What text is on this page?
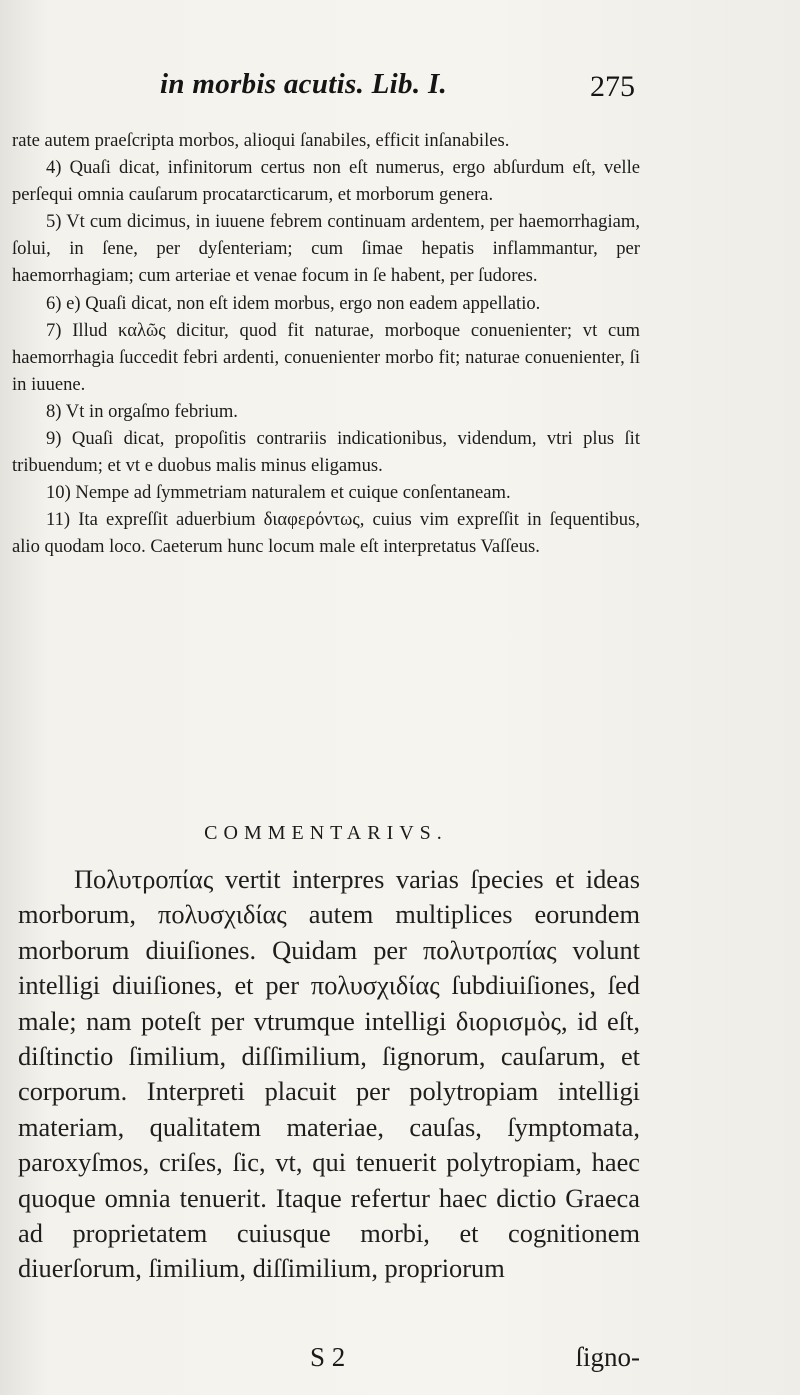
in morbis acutis. Lib. I.	275

rate autem praeſcripta morbos, alioqui ſanabiles, efficit inſanabiles.

4) Quaſi dicat, infinitorum certus non eſt numerus, ergo abſurdum eſt, velle perſequi omnia cauſarum procatarcticarum, et morborum genera.

5) Vt cum dicimus, in iuuene febrem continuam ardentem, per haemorrhagiam, ſolui, in ſene, per dyſenteriam; cum ſimae hepatis inflammantur, per haemorrhagiam; cum arteriae et venae focum in ſe habent, per ſudores.

6) e) Quaſi dicat, non eſt idem morbus, ergo non eadem appellatio.

7) Illud καλῶς dicitur, quod fit naturae, morboque conuenienter; vt cum haemorrhagia ſuccedit febri ardenti, conuenienter morbo fit; naturae conuenienter, ſi in iuuene.

8) Vt in orgaſmo febrium.

9) Quaſi dicat, propoſitis contrariis indicationibus, videndum, vtri plus ſit tribuendum; et vt e duobus malis minus eligamus.

10) Nempe ad ſymmetriam naturalem et cuique conſentaneam.

11) Ita expreſſit aduerbium διαφερόντως, cuius vim expreſſit in ſequentibus, alio quodam loco. Caeterum hunc locum male eſt interpretatus Vaſſeus.

COMMENTARIVS.

Πολυτροπίας vertit interpres varias ſpecies et ideas morborum, πολυσχιδίας autem multiplices eorundem morborum diuiſiones. Quidam per πολυτροπίας volunt intelligi diuiſiones, et per πολυσχιδίας ſubdiuiſiones, ſed male; nam poteſt per vtrumque intelligi διορισμὸς, id eſt, diſtinctio ſimilium, diſſimilium, ſignorum, cauſarum, et corporum. Interpreti placuit per polytropiam intelligi materiam, qualitatem materiae, cauſas, ſymptomata, paroxyſmos, criſes, ſic, vt, qui tenuerit polytropiam, haec quoque omnia tenuerit. Itaque refertur haec dictio Graeca ad proprietatem cuiusque morbi, et cognitionem diuerſorum, ſimilium, diſſimilium, propriorum

S 2	ſigno-
